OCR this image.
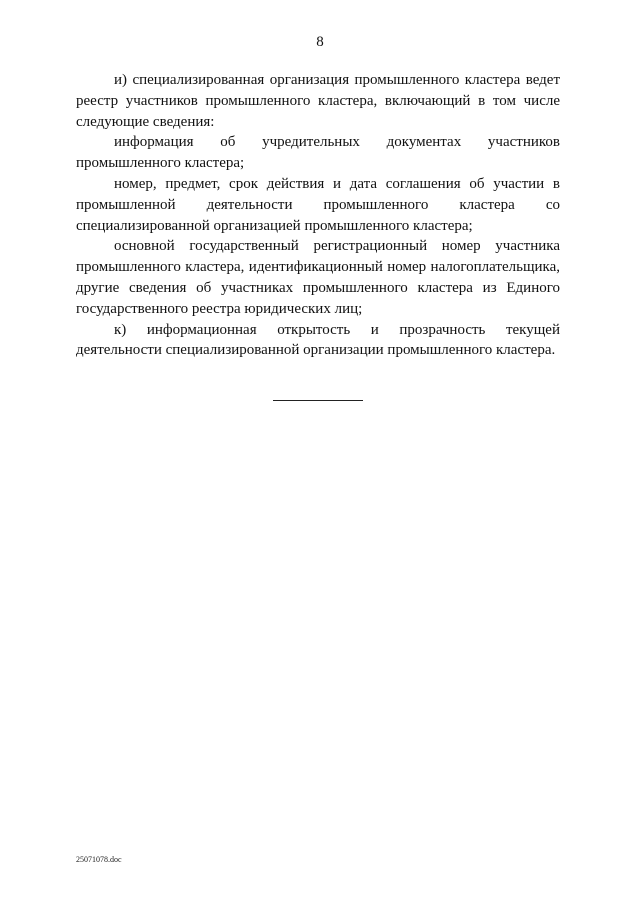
8

и) специализированная организация промышленного кластера ведет реестр участников промышленного кластера, включающий в том числе следующие сведения:

информация об учредительных документах участников промышленного кластера;

номер, предмет, срок действия и дата соглашения об участии в промышленной деятельности промышленного кластера со специализированной организацией промышленного кластера;

основной государственный регистрационный номер участника промышленного кластера, идентификационный номер налогоплательщика, другие сведения об участниках промышленного кластера из Единого государственного реестра юридических лиц;

к) информационная открытость и прозрачность текущей деятельности специализированной организации промышленного кластера.

25071078.doc
